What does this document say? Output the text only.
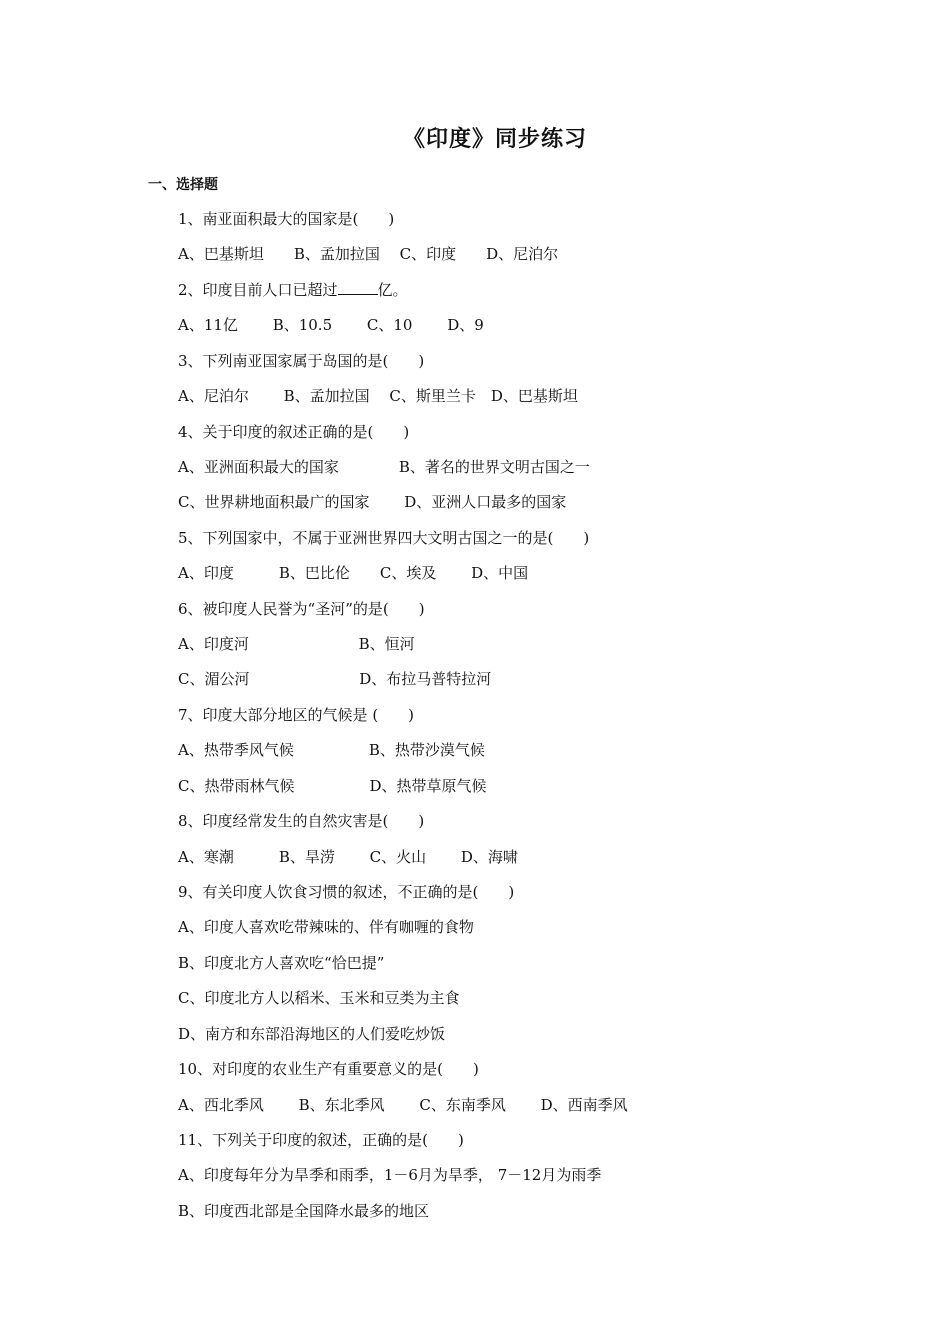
《印度》同步练习
一、选择题
1、南亚面积最大的国家是(　　)
A、巴基斯坦　　B、孟加拉国　 C、印度　　D、尼泊尔
2、印度目前人口已超过	亿。
A、11亿　　 B、10.5　　 C、10　　 D、9
3、下列南亚国家属于岛国的是(　　)
A、尼泊尔　　 B、孟加拉国　 C、斯里兰卡　D、巴基斯坦
4、关于印度的叙述正确的是(　　)
A、亚洲面积最大的国家　　　　B、著名的世界文明古国之一
C、世界耕地面积最广的国家　　 D、亚洲人口最多的国家
5、下列国家中，不属于亚洲世界四大文明古国之一的是(　　)
A、印度　　　B、巴比伦　　C、埃及　　 D、中国
6、被印度人民誉为“圣河”的是(　　)
A、印度河　　　　　　　 B、恒河
C、湄公河　　　　　　　 D、布拉马普特拉河
7、印度大部分地区的气候是 (　　)
A、热带季风气候　　　　　B、热带沙漠气候
C、热带雨林气候　　　　　D、热带草原气候
8、印度经常发生的自然灾害是(　　)
A、寒潮　　　B、旱涝　　 C、火山　　 D、海啸
9、有关印度人饮食习惯的叙述，不正确的是(　　)
A、印度人喜欢吃带辣味的、伴有咖喱的食物
B、印度北方人喜欢吃“恰巴提”
C、印度北方人以稻米、玉米和豆类为主食
D、南方和东部沿海地区的人们爱吃炒饭
10、对印度的农业生产有重要意义的是(　　)
A、西北季风　　 B、东北季风　　 C、东南季风　　 D、西南季风
11、下列关于印度的叙述，正确的是(　　)
A、印度每年分为旱季和雨季，1－6月为旱季， 7－12月为雨季
B、印度西北部是全国降水最多的地区
